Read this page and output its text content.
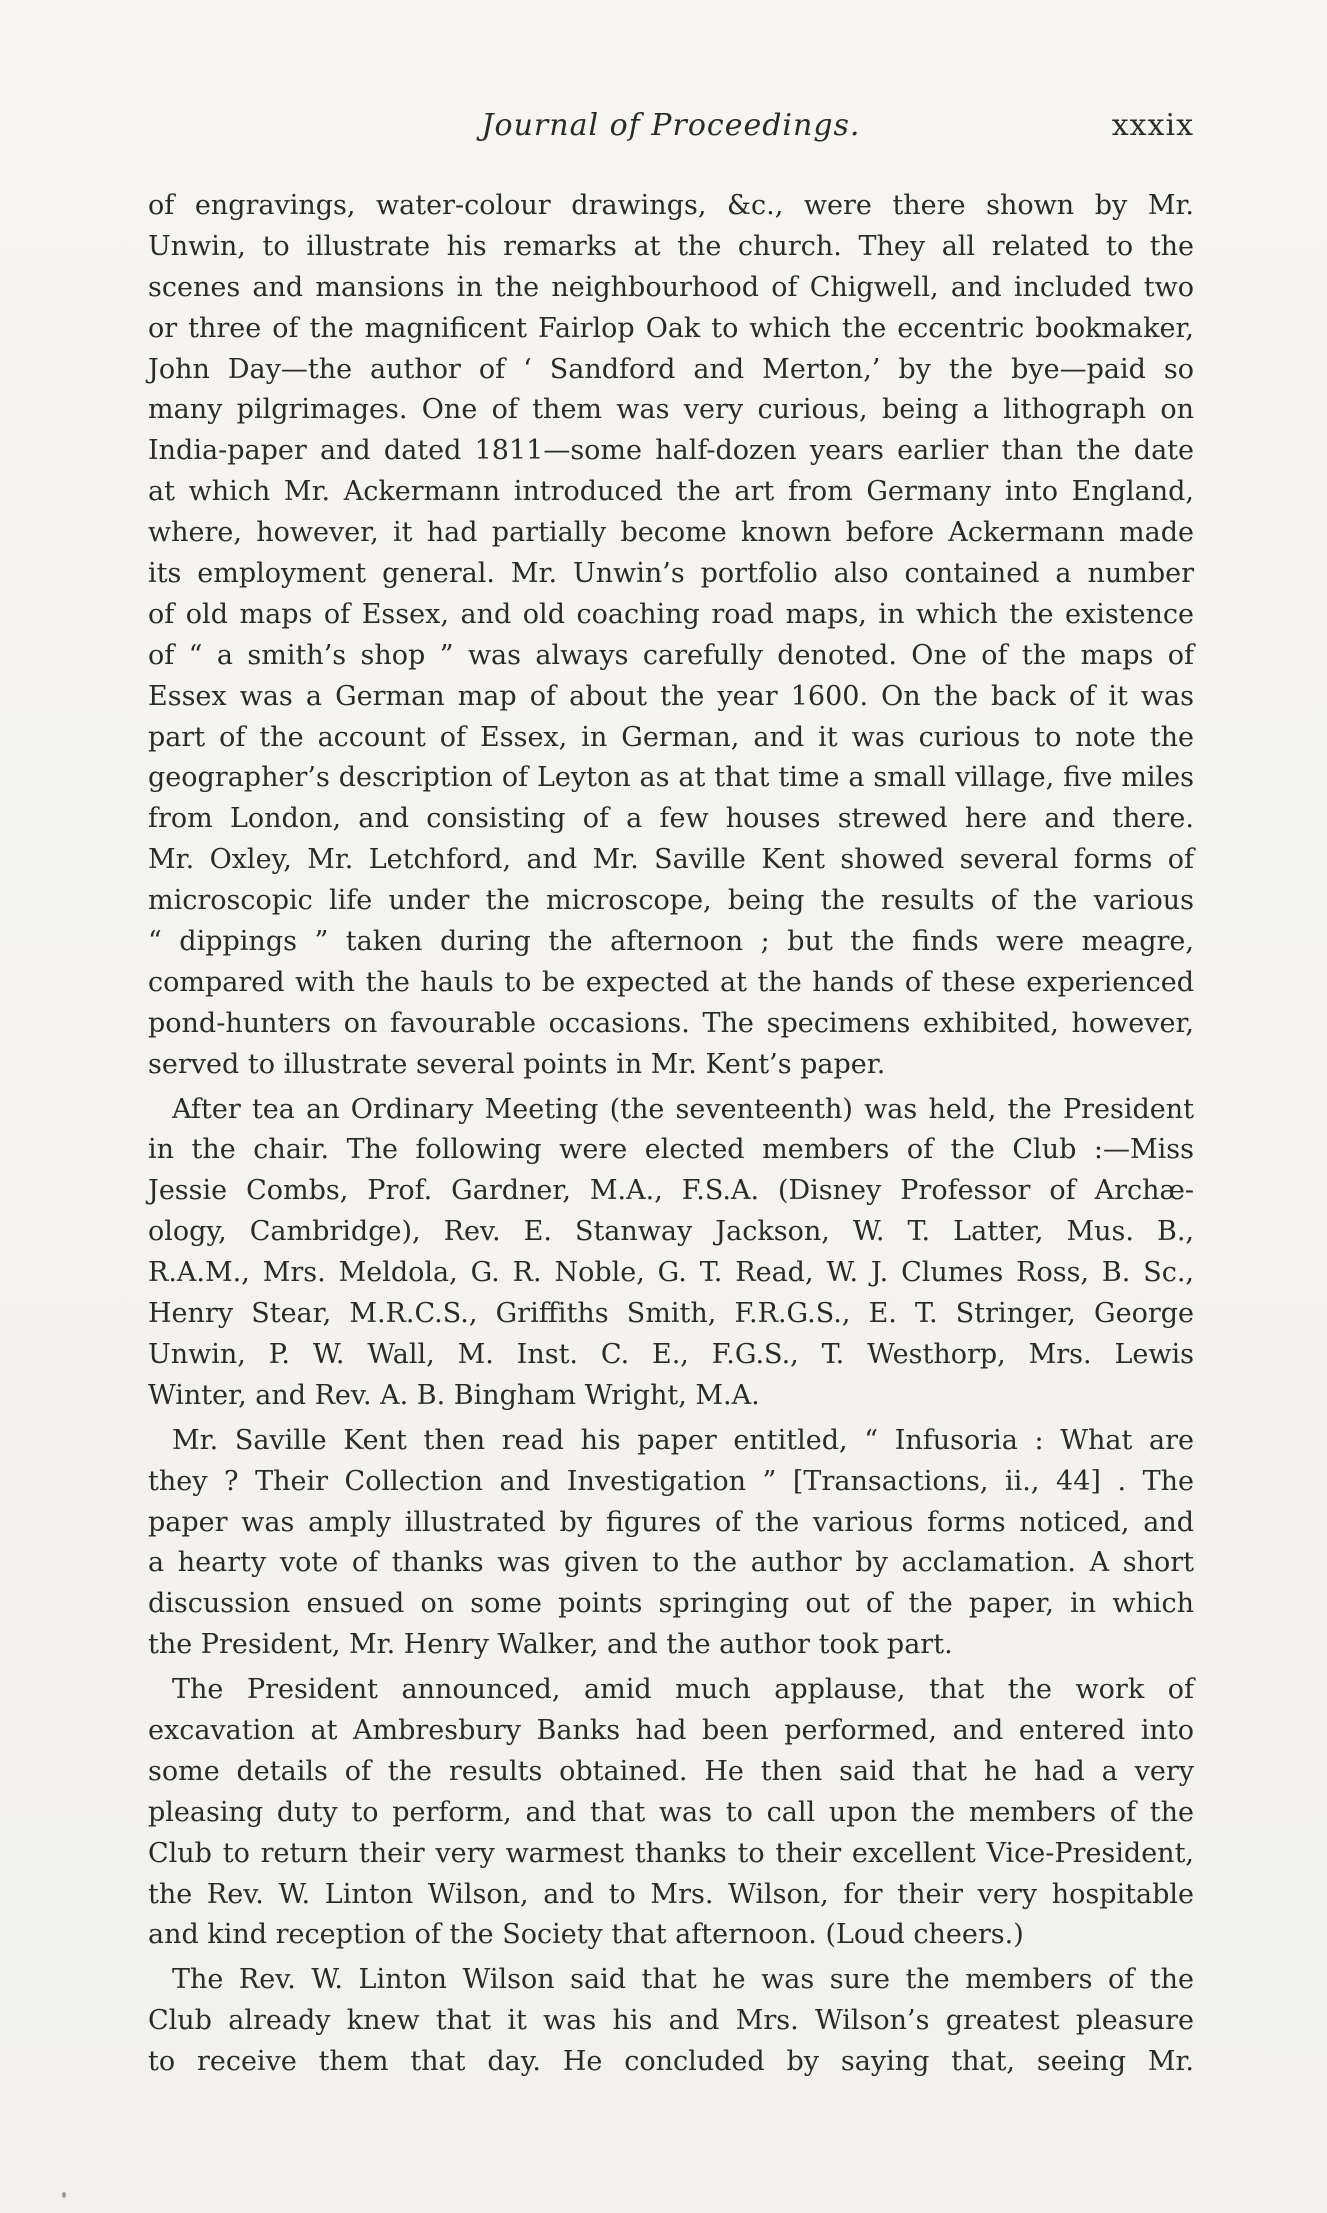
Journal of Proceedings.	xxxix
of engravings, water-colour drawings, &c., were there shown by Mr.
Unwin, to illustrate his remarks at the church. They all related to the
scenes and mansions in the neighbourhood of Chigwell, and included two
or three of the magnificent Fairlop Oak to which the eccentric bookmaker,
John Day—the author of ‘ Sandford and Merton,’ by the bye—paid so
many pilgrimages. One of them was very curious, being a lithograph on
India-paper and dated 1811—some half-dozen years earlier than the date
at which Mr. Ackermann introduced the art from Germany into England,
where, however, it had partially become known before Ackermann made
its employment general. Mr. Unwin’s portfolio also contained a number
of old maps of Essex, and old coaching road maps, in which the existence
of “ a smith’s shop ” was always carefully denoted. One of the maps of
Essex was a German map of about the year 1600. On the back of it was
part of the account of Essex, in German, and it was curious to note the
geographer’s description of Leyton as at that time a small village, five miles
from London, and consisting of a few houses strewed here and there.
Mr. Oxley, Mr. Letchford, and Mr. Saville Kent showed several forms of
microscopic life under the microscope, being the results of the various
“ dippings ” taken during the afternoon ; but the finds were meagre,
compared with the hauls to be expected at the hands of these experienced
pond-hunters on favourable occasions. The specimens exhibited, however,
served to illustrate several points in Mr. Kent’s paper.
After tea an Ordinary Meeting (the seventeenth) was held, the President
in the chair. The following were elected members of the Club :—Miss
Jessie Combs, Prof. Gardner, M.A., F.S.A. (Disney Professor of Archæ-
ology, Cambridge), Rev. E. Stanway Jackson, W. T. Latter, Mus. B.,
R.A.M., Mrs. Meldola, G. R. Noble, G. T. Read, W. J. Clumes Ross, B. Sc.,
Henry Stear, M.R.C.S., Griffiths Smith, F.R.G.S., E. T. Stringer, George
Unwin, P. W. Wall, M. Inst. C. E., F.G.S., T. Westhorp, Mrs. Lewis
Winter, and Rev. A. B. Bingham Wright, M.A.
Mr. Saville Kent then read his paper entitled, “ Infusoria : What are
they ? Their Collection and Investigation ” [Transactions, ii., 44] . The
paper was amply illustrated by figures of the various forms noticed, and
a hearty vote of thanks was given to the author by acclamation. A short
discussion ensued on some points springing out of the paper, in which
the President, Mr. Henry Walker, and the author took part.
The President announced, amid much applause, that the work of
excavation at Ambresbury Banks had been performed, and entered into
some details of the results obtained. He then said that he had a very
pleasing duty to perform, and that was to call upon the members of the
Club to return their very warmest thanks to their excellent Vice-President,
the Rev. W. Linton Wilson, and to Mrs. Wilson, for their very hospitable
and kind reception of the Society that afternoon. (Loud cheers.)
The Rev. W. Linton Wilson said that he was sure the members of the
Club already knew that it was his and Mrs. Wilson’s greatest pleasure
to receive them that day. He concluded by saying that, seeing Mr.
